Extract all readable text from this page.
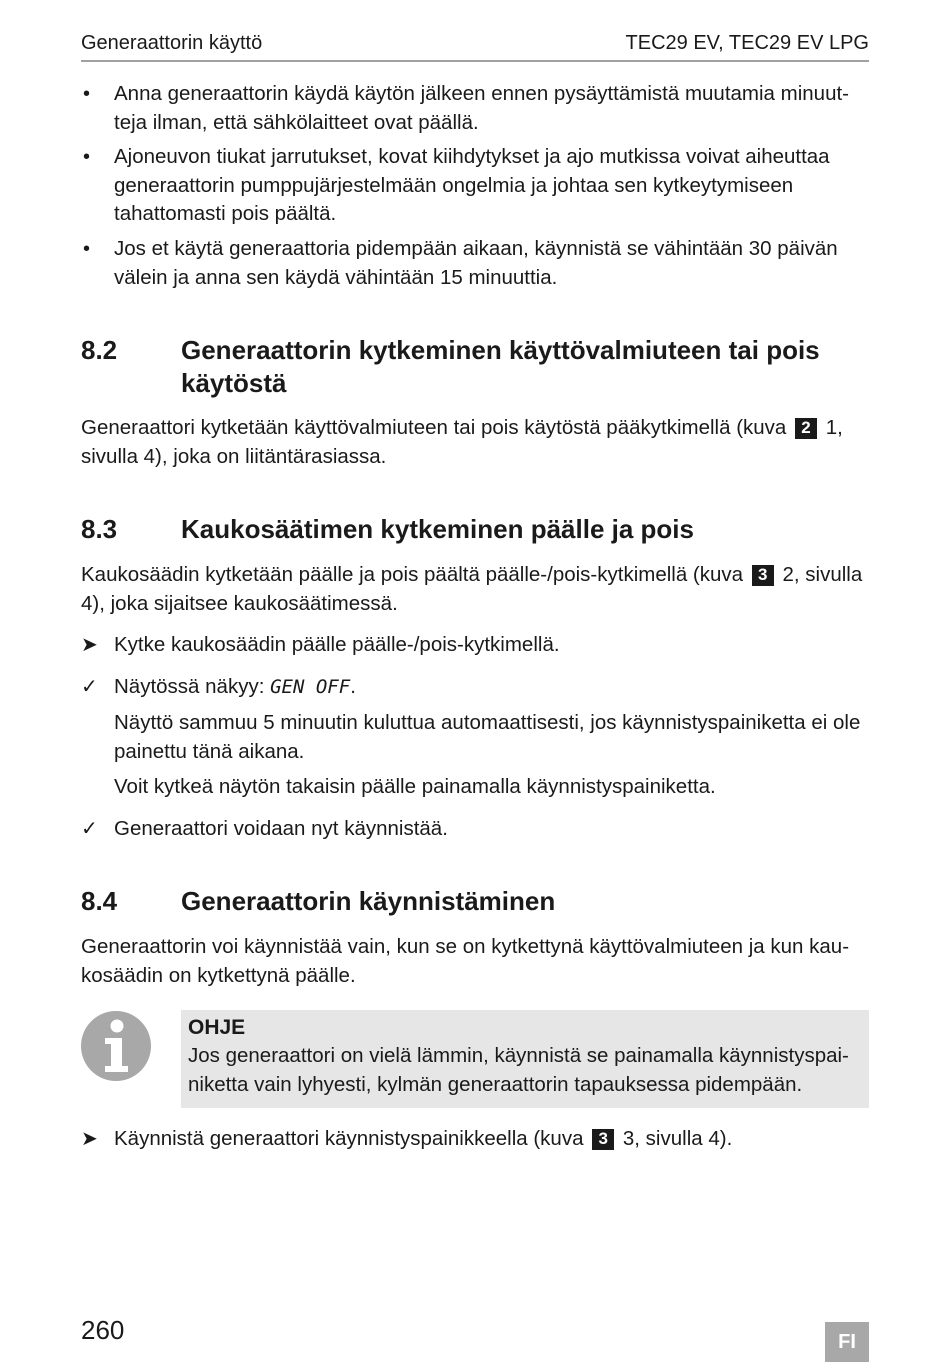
Generaattorin käyttö	TEC29 EV, TEC29 EV LPG
• Anna generaattorin käydä käytön jälkeen ennen pysäyttämistä muutamia minuut-teja ilman, että sähkölaitteet ovat päällä.
• Ajoneuvon tiukat jarrutukset, kovat kiihdytykset ja ajo mutkissa voivat aiheuttaa generaattorin pumppujärjestelmään ongelmia ja johtaa sen kytkeytymiseen tahattomasti pois päältä.
• Jos et käytä generaattoria pidempään aikaan, käynnistä se vähintään 30 päivän välein ja anna sen käydä vähintään 15 minuuttia.
8.2 Generaattorin kytkeminen käyttövalmiuteen tai pois käytöstä

Generaattori kytketään käyttövalmiuteen tai pois käytöstä pääkytkimellä (kuva 2 1, sivulla 4), joka on liitäntärasiassa.

8.3 Kaukosäätimen kytkeminen päälle ja pois

Kaukosäädin kytketään päälle ja pois päältä päälle-/pois-kytkimellä (kuva 3 2, sivulla 4), joka sijaitsee kaukosäätimessä.

➤ Kytke kaukosäädin päälle päälle-/pois-kytkimellä.
✓ Näytössä näkyy: GEN OFF.
Näyttö sammuu 5 minuutin kuluttua automaattisesti, jos käynnistyspainiketta ei ole painettu tänä aikana.
Voit kytkeä näytön takaisin päälle painamalla käynnistyspainiketta.
✓ Generaattori voidaan nyt käynnistää.
8.4 Generaattorin käynnistäminen

Generaattorin voi käynnistää vain, kun se on kytkettynä käyttövalmiuteen ja kun kau-kosäädin on kytkettynä päälle.

OHJE
Jos generaattori on vielä lämmin, käynnistä se painamalla käynnistyspai-niketta vain lyhyesti, kylmän generaattorin tapauksessa pidempään.
➤ Käynnistä generaattori käynnistyspainikkeella (kuva 3 3, sivulla 4).
260	FI
